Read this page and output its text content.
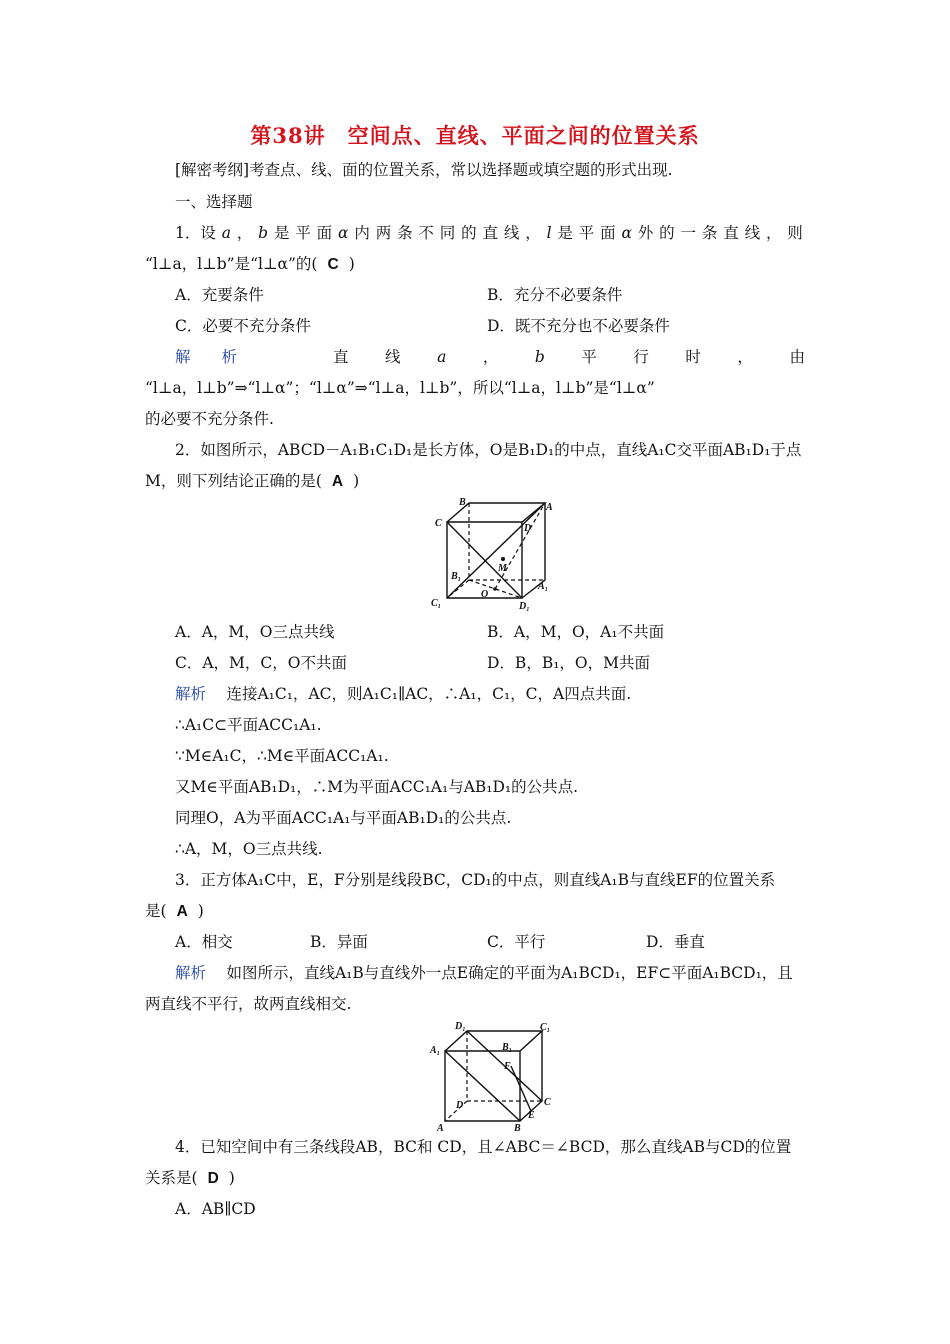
第38讲　空间点、直线、平面之间的位置关系
[解密考纲]考查点、线、面的位置关系，常以选择题或填空题的形式出现.
一、选择题
1．设 a ， b 是 平 面 α 内 两 条 不 同 的 直 线 ， l 是 平 面 α 外 的 一 条 直 线 ， 则
“l⊥a，l⊥b”是“l⊥α”的( C )
A．充要条件	B．充分不必要条件
C．必要不充分条件	D．既不充分也不必要条件
解　　析	直 线 a ， b 平 行 时 ， 由
“l⊥a，l⊥b”⇒“l⊥α”；“l⊥α”⇒“l⊥a，l⊥b”，所以“l⊥a，l⊥b”是“l⊥α”
的必要不充分条件.
2．如图所示，ABCD－A₁B₁C₁D₁是长方体，O是B₁D₁的中点，直线A₁C交平面AB₁D₁于点
M，则下列结论正确的是( A )
B	A
C	D
M
B₁
A₁
O
C₁	D₁
A．A，M，O三点共线	B．A，M，O，A₁不共面
C．A，M，C，O不共面	D．B，B₁，O，M共面
解析　 连接A₁C₁，AC，则A₁C₁∥AC，∴A₁，C₁，C，A四点共面.
∴A₁C⊂平面ACC₁A₁.
∵M∈A₁C，∴M∈平面ACC₁A₁.
又M∈平面AB₁D₁，∴M为平面ACC₁A₁与AB₁D₁的公共点.
同理O，A为平面ACC₁A₁与平面AB₁D₁的公共点.
∴A，M，O三点共线.
3．正方体A₁C中，E，F分别是线段BC，CD₁的中点，则直线A₁B与直线EF的位置关系
是( A )
A．相交	B．异面	C．平行	D．垂直
解析　 如图所示，直线A₁B与直线外一点E确定的平面为A₁BCD₁，EF⊂平面A₁BCD₁，且
两直线不平行，故两直线相交.
D₁	C₁
A₁	B₁
F
D	C
E
A	B
4．已知空间中有三条线段AB，BC和 CD，且∠ABC＝∠BCD，那么直线AB与CD的位置
关系是( D )
A．AB∥CD
